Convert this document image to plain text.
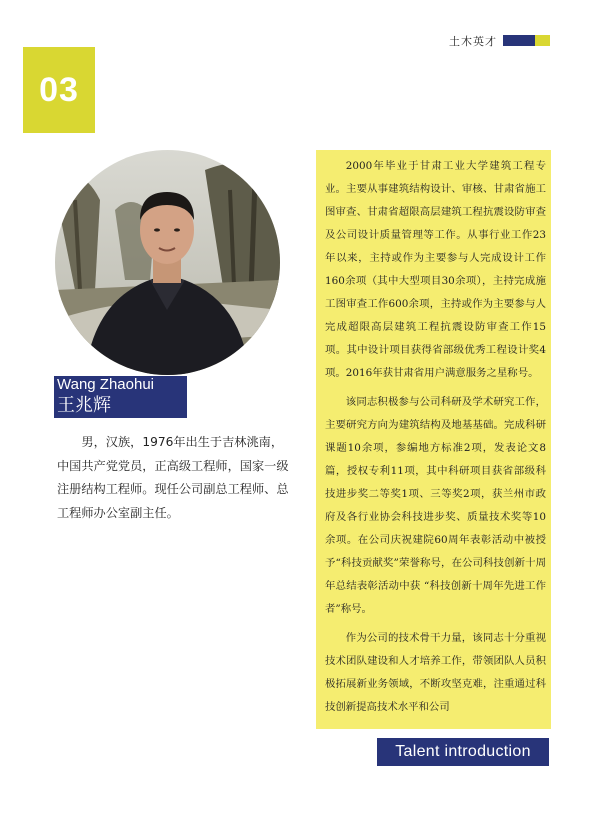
03
土木英才
Wang Zhaohui
王兆辉

男，汉族，1976年出生于吉林洮南，中国共产党党员，正高级工程师，国家一级注册结构工程师。现任公司副总工程师、总工程师办公室副主任。

2000年毕业于甘肃工业大学建筑工程专业。主要从事建筑结构设计、审核、甘肃省施工图审查、甘肃省超限高层建筑工程抗震设防审查及公司设计质量管理等工作。从事行业工作23年以来，主持或作为主要参与人完成设计工作160余项（其中大型项目30余项），主持完成施工图审查工作600余项，主持或作为主要参与人完成超限高层建筑工程抗震设防审查工作15项。其中设计项目获得省部级优秀工程设计奖4项。2016年获甘肃省用户满意服务之星称号。

该同志积极参与公司科研及学术研究工作，主要研究方向为建筑结构及地基基础。完成科研课题10余项，参编地方标准2项，发表论文8篇，授权专利11项，其中科研项目获省部级科技进步奖二等奖1项、三等奖2项，获兰州市政府及各行业协会科技进步奖、质量技术奖等10余项。在公司庆祝建院60周年表彰活动中被授予“科技贡献奖”荣誉称号，在公司科技创新十周年总结表彰活动中获 “科技创新十周年先进工作者”称号。

作为公司的技术骨干力量，该同志十分重视技术团队建设和人才培养工作，带领团队人员积极拓展新业务领域，不断攻坚克难，注重通过科技创新提高技术水平和公司

Talent introduction
